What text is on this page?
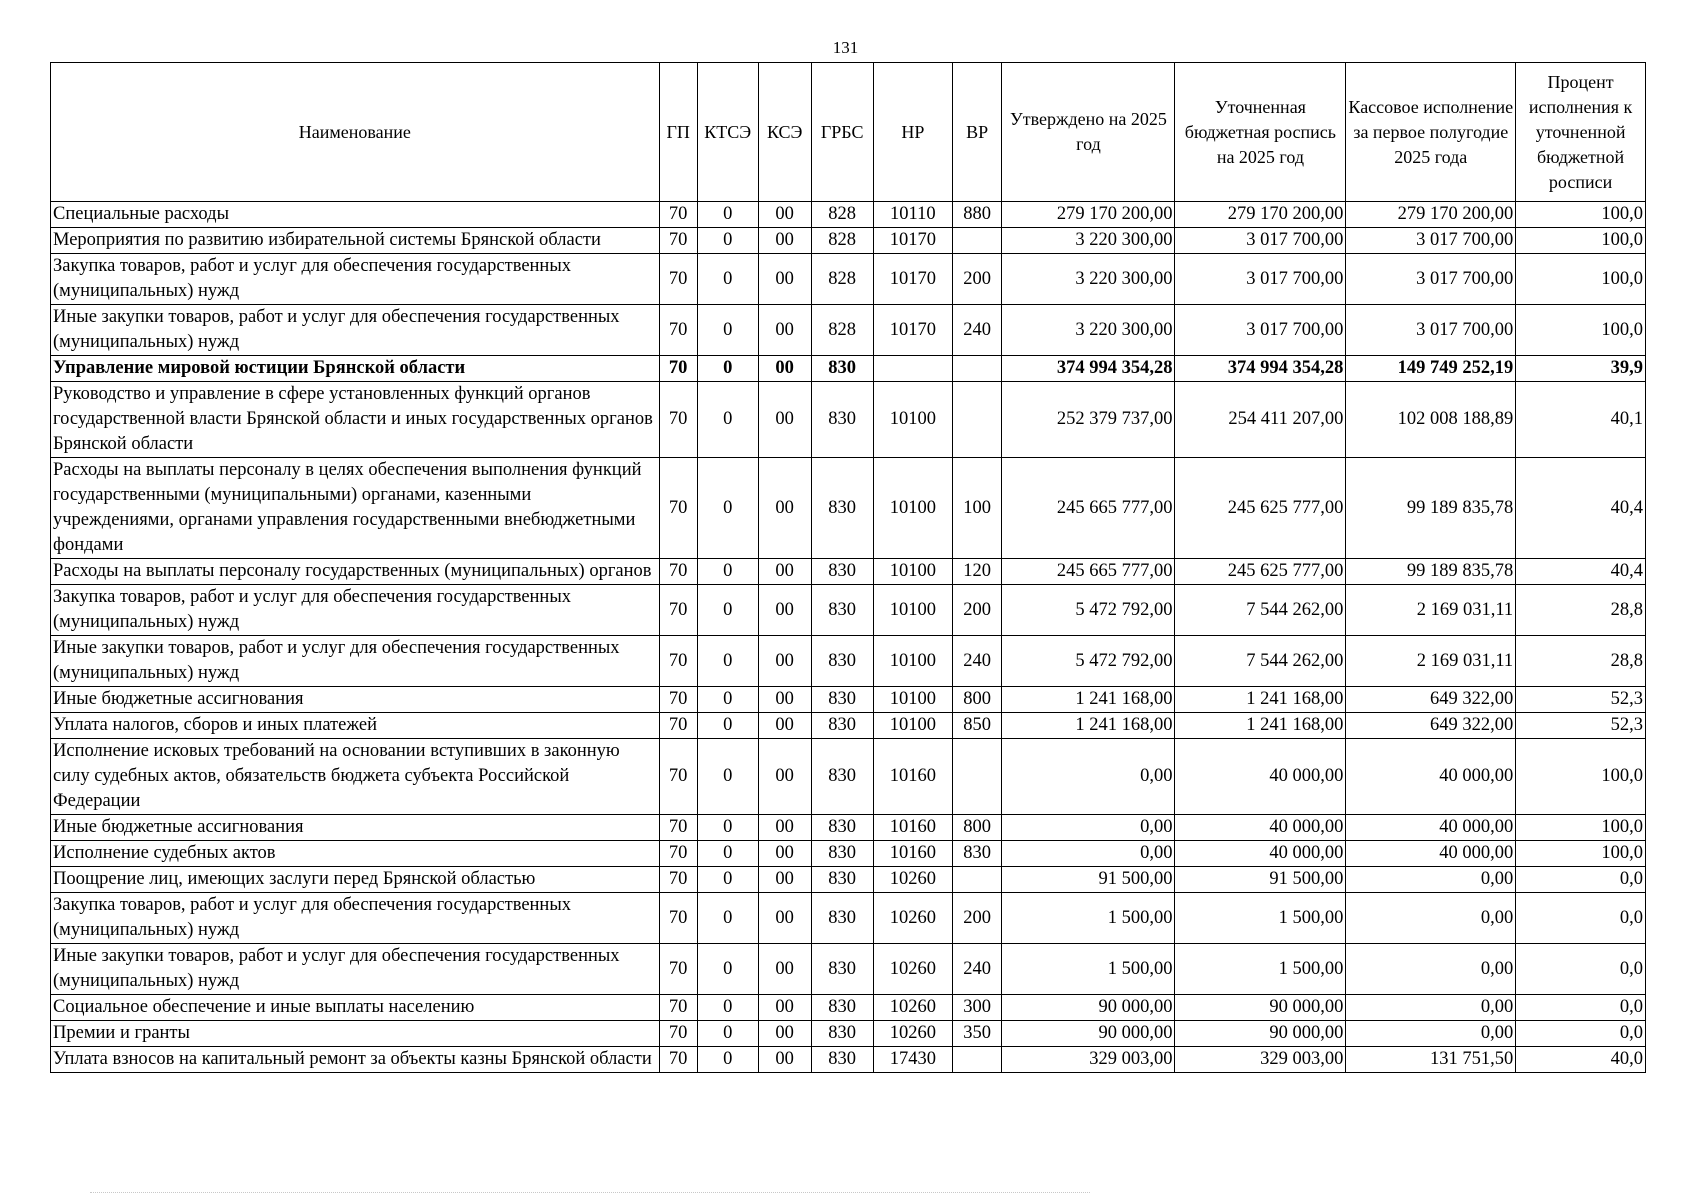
131
Наименование	ГП	КТСЭ	КСЭ	ГРБС	НР	ВР	Утверждено на 2025 год	Уточненная бюджетная роспись на 2025 год	Кассовое исполнение за первое полугодие 2025 года	Процент исполнения к уточненной бюджетной росписи
Специальные расходы	70	0	00	828	10110	880	279 170 200,00	279 170 200,00	279 170 200,00	100,0
Мероприятия по развитию избирательной системы Брянской области	70	0	00	828	10170		3 220 300,00	3 017 700,00	3 017 700,00	100,0
Закупка товаров, работ и услуг для обеспечения государственных (муниципальных) нужд	70	0	00	828	10170	200	3 220 300,00	3 017 700,00	3 017 700,00	100,0
Иные закупки товаров, работ и услуг для обеспечения государственных (муниципальных) нужд	70	0	00	828	10170	240	3 220 300,00	3 017 700,00	3 017 700,00	100,0
Управление мировой юстиции Брянской области	70	0	00	830			374 994 354,28	374 994 354,28	149 749 252,19	39,9
Руководство и управление в сфере установленных функций органов государственной власти Брянской области и иных государственных органов Брянской области	70	0	00	830	10100		252 379 737,00	254 411 207,00	102 008 188,89	40,1
Расходы на выплаты персоналу в целях обеспечения выполнения функций государственными (муниципальными) органами, казенными учреждениями, органами управления государственными внебюджетными фондами	70	0	00	830	10100	100	245 665 777,00	245 625 777,00	99 189 835,78	40,4
Расходы на выплаты персоналу государственных (муниципальных) органов	70	0	00	830	10100	120	245 665 777,00	245 625 777,00	99 189 835,78	40,4
Закупка товаров, работ и услуг для обеспечения государственных (муниципальных) нужд	70	0	00	830	10100	200	5 472 792,00	7 544 262,00	2 169 031,11	28,8
Иные закупки товаров, работ и услуг для обеспечения государственных (муниципальных) нужд	70	0	00	830	10100	240	5 472 792,00	7 544 262,00	2 169 031,11	28,8
Иные бюджетные ассигнования	70	0	00	830	10100	800	1 241 168,00	1 241 168,00	649 322,00	52,3
Уплата налогов, сборов и иных платежей	70	0	00	830	10100	850	1 241 168,00	1 241 168,00	649 322,00	52,3
Исполнение исковых требований на основании вступивших в законную силу судебных актов, обязательств бюджета субъекта Российской Федерации	70	0	00	830	10160		0,00	40 000,00	40 000,00	100,0
Иные бюджетные ассигнования	70	0	00	830	10160	800	0,00	40 000,00	40 000,00	100,0
Исполнение судебных актов	70	0	00	830	10160	830	0,00	40 000,00	40 000,00	100,0
Поощрение лиц, имеющих заслуги перед Брянской областью	70	0	00	830	10260		91 500,00	91 500,00	0,00	0,0
Закупка товаров, работ и услуг для обеспечения государственных (муниципальных) нужд	70	0	00	830	10260	200	1 500,00	1 500,00	0,00	0,0
Иные закупки товаров, работ и услуг для обеспечения государственных (муниципальных) нужд	70	0	00	830	10260	240	1 500,00	1 500,00	0,00	0,0
Социальное обеспечение и иные выплаты населению	70	0	00	830	10260	300	90 000,00	90 000,00	0,00	0,0
Премии и гранты	70	0	00	830	10260	350	90 000,00	90 000,00	0,00	0,0
Уплата взносов на капитальный ремонт за объекты казны Брянской области	70	0	00	830	17430		329 003,00	329 003,00	131 751,50	40,0
